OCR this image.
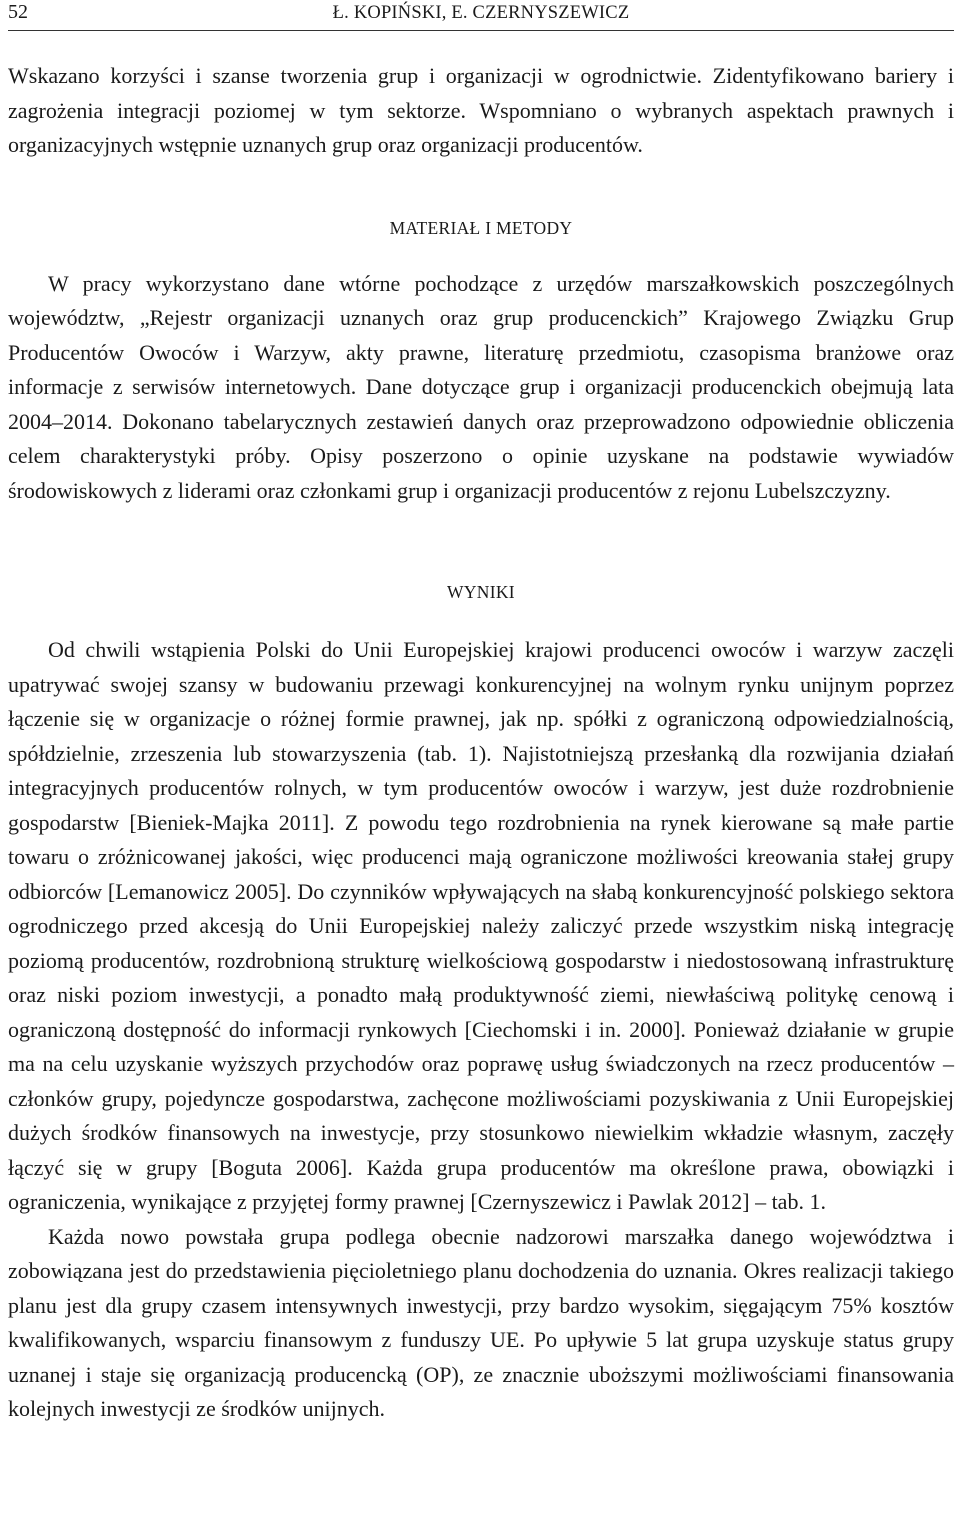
52	Ł. KOPIŃSKI, E. CZERNYSZEWICZ

Wskazano korzyści i szanse tworzenia grup i organizacji w ogrodnictwie. Zidentyfikowano bariery i zagrożenia integracji poziomej w tym sektorze. Wspomniano o wybranych aspektach prawnych i organizacyjnych wstępnie uznanych grup oraz organizacji producentów.

MATERIAŁ I METODY

W pracy wykorzystano dane wtórne pochodzące z urzędów marszałkowskich poszczególnych województw, „Rejestr organizacji uznanych oraz grup producenckich” Krajowego Związku Grup Producentów Owoców i Warzyw, akty prawne, literaturę przedmiotu, czasopisma branżowe oraz informacje z serwisów internetowych. Dane dotyczące grup i organizacji producenckich obejmują lata 2004–2014. Dokonano tabelarycznych zestawień danych oraz przeprowadzono odpowiednie obliczenia celem charakterystyki próby. Opisy poszerzono o opinie uzyskane na podstawie wywiadów środowiskowych z liderami oraz członkami grup i organizacji producentów z rejonu Lubelszczyzny.

WYNIKI

Od chwili wstąpienia Polski do Unii Europejskiej krajowi producenci owoców i warzyw zaczęli upatrywać swojej szansy w budowaniu przewagi konkurencyjnej na wolnym rynku unijnym poprzez łączenie się w organizacje o różnej formie prawnej, jak np. spółki z ograniczoną odpowiedzialnością, spółdzielnie, zrzeszenia lub stowarzyszenia (tab. 1). Najistotniejszą przesłanką dla rozwijania działań integracyjnych producentów rolnych, w tym producentów owoców i warzyw, jest duże rozdrobnienie gospodarstw [Bieniek-Majka 2011]. Z powodu tego rozdrobnienia na rynek kierowane są małe partie towaru o zróżnicowanej jakości, więc producenci mają ograniczone możliwości kreowania stałej grupy odbiorców [Lemanowicz 2005]. Do czynników wpływających na słabą konkurencyjność polskiego sektora ogrodniczego przed akcesją do Unii Europejskiej należy zaliczyć przede wszystkim niską integrację poziomą producentów, rozdrobnioną strukturę wielkościową gospodarstw i niedostosowaną infrastrukturę oraz niski poziom inwestycji, a ponadto małą produktywność ziemi, niewłaściwą politykę cenową i ograniczoną dostępność do informacji rynkowych [Ciechomski i in. 2000]. Ponieważ działanie w grupie ma na celu uzyskanie wyższych przychodów oraz poprawę usług świadczonych na rzecz producentów – członków grupy, pojedyncze gospodarstwa, zachęcone możliwościami pozyskiwania z Unii Europejskiej dużych środków finansowych na inwestycje, przy stosunkowo niewielkim wkładzie własnym, zaczęły łączyć się w grupy [Boguta 2006]. Każda grupa producentów ma określone prawa, obowiązki i ograniczenia, wynikające z przyjętej formy prawnej [Czernyszewicz i Pawlak 2012] – tab. 1.

Każda nowo powstała grupa podlega obecnie nadzorowi marszałka danego województwa i zobowiązana jest do przedstawienia pięcioletniego planu dochodzenia do uznania. Okres realizacji takiego planu jest dla grupy czasem intensywnych inwestycji, przy bardzo wysokim, sięgającym 75% kosztów kwalifikowanych, wsparciu finansowym z funduszy UE. Po upływie 5 lat grupa uzyskuje status grupy uznanej i staje się organizacją producencką (OP), ze znacznie uboższymi możliwościami finansowania kolejnych inwestycji ze środków unijnych.
